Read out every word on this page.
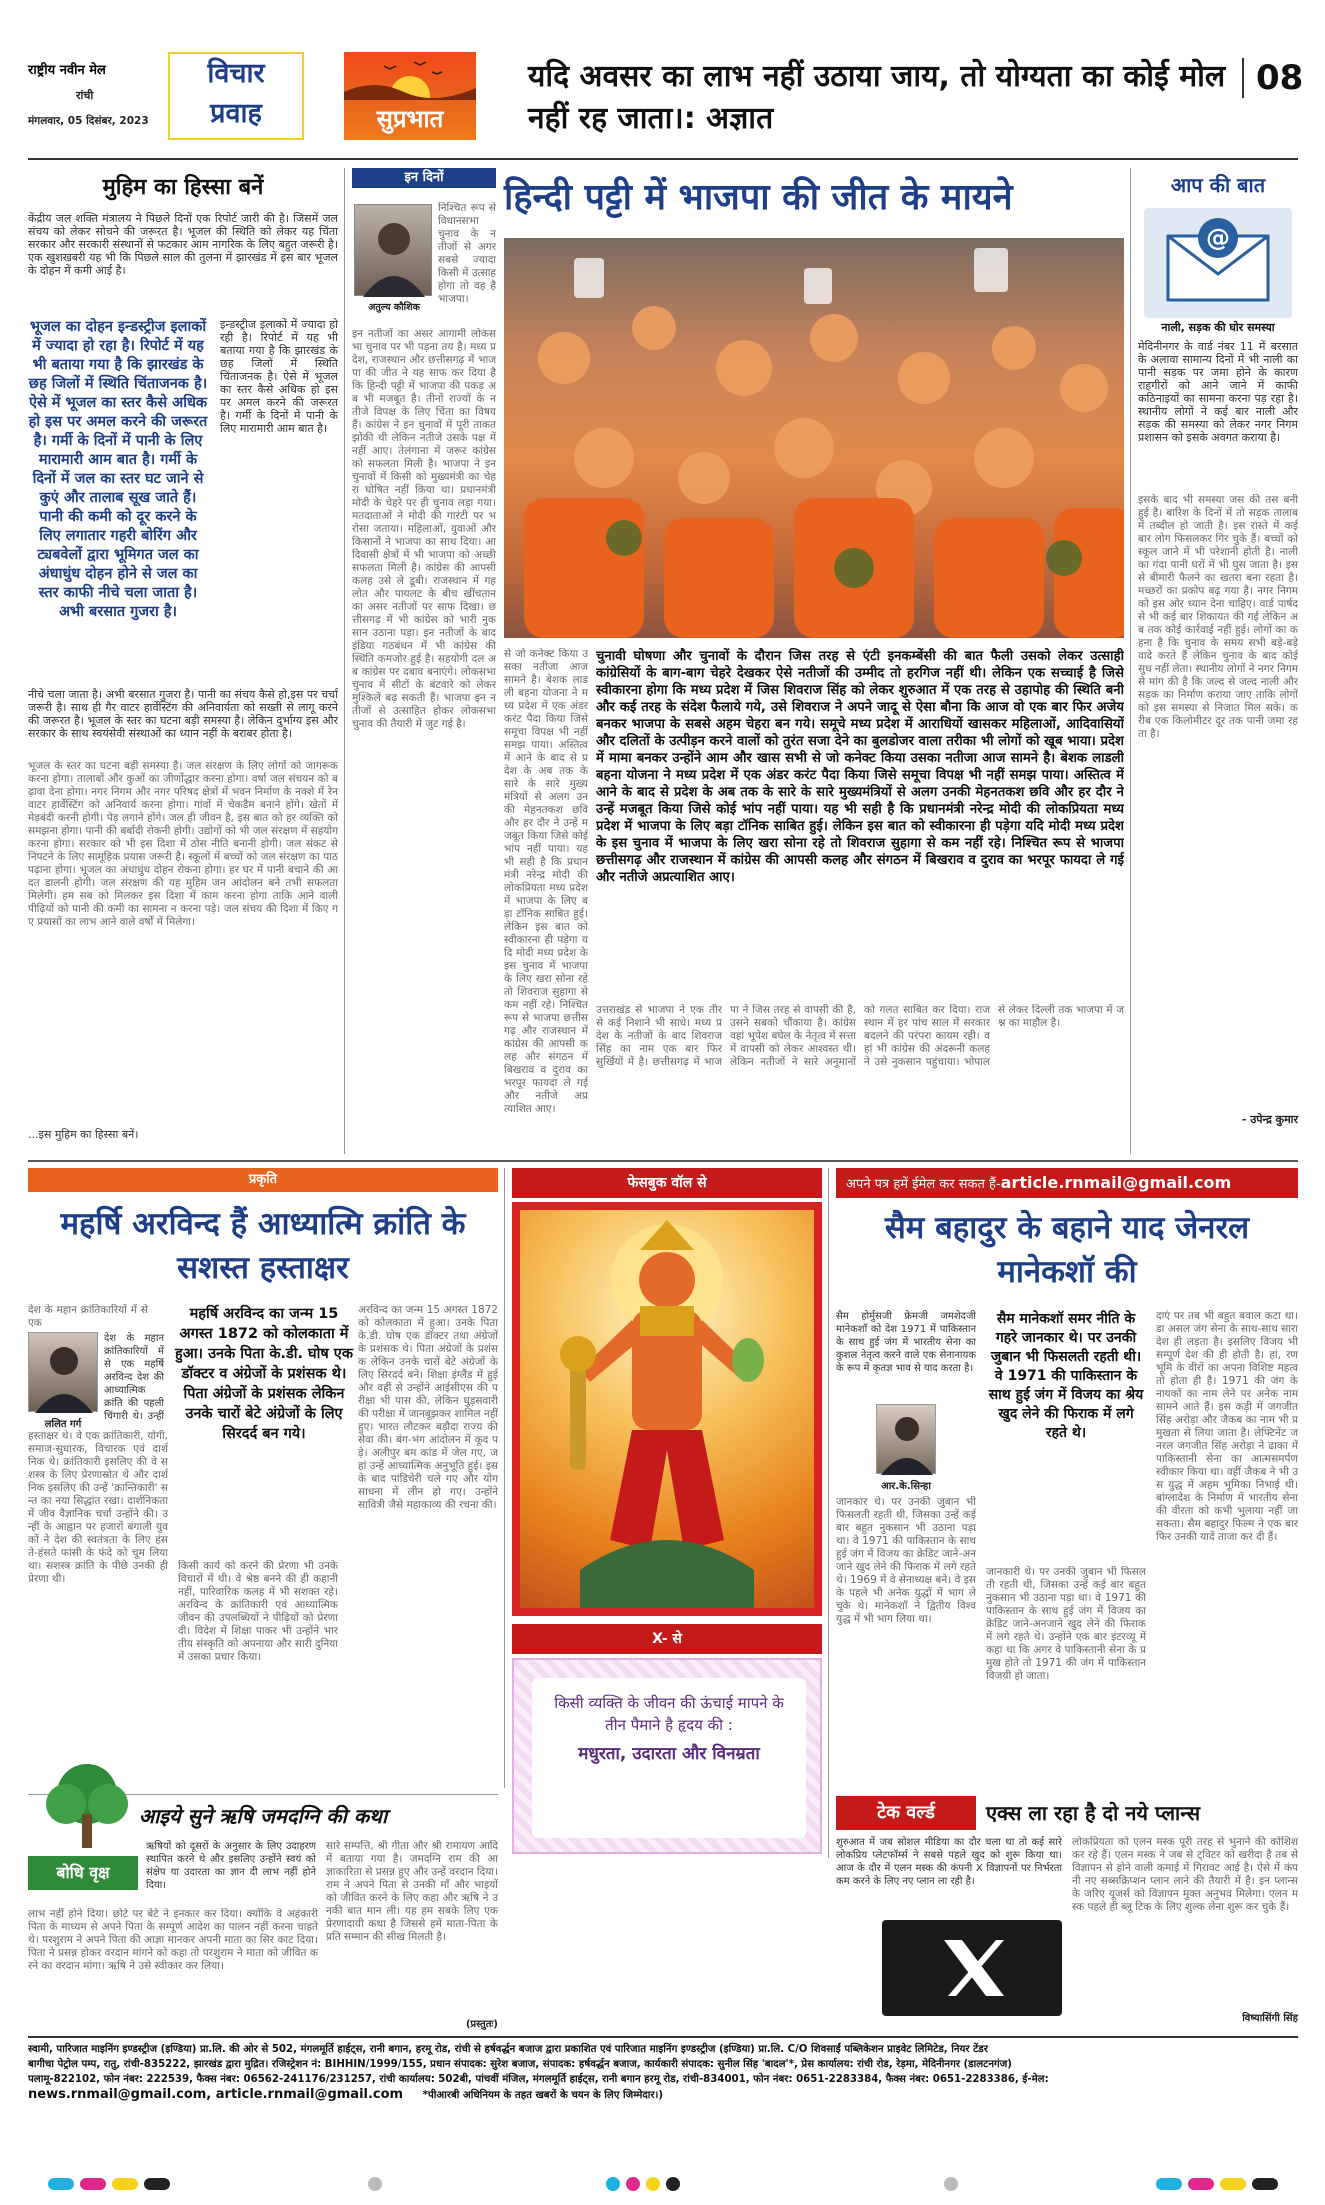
राष्ट्रीय नवीन मेल
रांची
मंगलवार, 05 दिसंबर, 2023
विचार
प्रवाह	सुप्रभात
यदि अवसर का लाभ नहीं उठाया जाय, तो योग्यता का कोई मोल नहीं रह जाता।: अज्ञात
08
मुहिम का हिस्सा बनें
केंद्रीय जल शक्ति मंत्रालय ने पिछले दिनों एक रिपोर्ट जारी की है। जिसमें जल संचय को लेकर सोचने की जरूरत है। भूजल की स्थिति को लेकर यह चिंता सरकार और सरकारी संस्थानों से फटकार आम नागरिक के लिए बहुत जरूरी है। एक खुशखबरी यह भी कि पिछले साल की तुलना में झारखंड में इस बार भूजल के दोहन में कमी आई है।
भूजल का दोहन इन्डस्ट्रीज इलाकों में ज्यादा हो रहा है। रिपोर्ट में यह भी बताया गया है कि झारखंड के छह जिलों में स्थिति चिंताजनक है। ऐसे में भूजल का स्तर कैसे अधिक हो इस पर अमल करने की जरूरत है। गर्मी के दिनों में पानी के लिए मारामारी आम बात है। गर्मी के दिनों में जल का स्तर घट जाने से कुएं और तालाब सूख जाते हैं। पानी की कमी को दूर करने के लिए लगातार गहरी बोरिंग और ट्यबवेलों द्वारा भूमिगत जल का अंधाधुंध दोहन होने से जल का स्तर काफी नीचे चला जाता है। अभी बरसात गुजरा है।
इन्डस्ट्रीज इलाकों में ज्यादा हो रही है। रिपोर्ट में यह भी बताया गया है कि झारखंड के छह जिलों में स्थिति चिंताजनक है। ऐसे में भूजल का स्तर कैसे अधिक हो इस पर अमल करने की जरूरत है। गर्मी के दिनों में पानी के लिए मारामारी आम बात है।
नीचे चला जाता है। अभी बरसात गुजरा है। पानी का संचय कैसे हो,इस पर चर्चा जरूरी है। साथ ही गैर वाटर हार्वेस्टिंग की अनिवार्यता को सख्ती से लागू करने की जरूरत है। भूजल के स्तर का घटना बड़ी समस्या है। लेकिन दुर्भाग्य इस और सरकार के साथ स्वयंसेवी संस्थाओं का ध्यान नहीं के बराबर होता है।
भूजल के स्तर का घटना बड़ी समस्या है। जल संरक्षण के लिए लोगों को जागरूक करना होगा। तालाबों और कुओं का जीर्णोद्धार करना होगा। वर्षा जल संचयन को बढ़ावा देना होगा। नगर निगम और नगर परिषद क्षेत्रों में भवन निर्माण के नक्शे में रेन वाटर हार्वेस्टिंग को अनिवार्य करना होगा। गांवों में चेकडैम बनाने होंगे। खेतों में मेड़बंदी करनी होगी। पेड़ लगाने होंगे। जल ही जीवन है, इस बात को हर व्यक्ति को समझना होगा। पानी की बर्बादी रोकनी होगी। उद्योगों को भी जल संरक्षण में सहयोग करना होगा। सरकार को भी इस दिशा में ठोस नीति बनानी होगी। जल संकट से निपटने के लिए सामूहिक प्रयास जरूरी है। स्कूलों में बच्चों को जल संरक्षण का पाठ पढ़ाना होगा। भूजल का अंधाधुंध दोहन रोकना होगा। हर घर में पानी बचाने की आदत डालनी होगी। जल संरक्षण की यह मुहिम जन आंदोलन बने तभी सफलता मिलेगी। हम सब को मिलकर इस दिशा में काम करना होगा ताकि आने वाली पीढ़ियों को पानी की कमी का सामना न करना पड़े। जल संचय की दिशा में किए गए प्रयासों का लाभ आने वाले वर्षों में मिलेगा।
...इस मुहिम का हिस्सा बनें।
इन दिनों
अतुल्य कौशिक
निश्चित रूप से विधानसभा चुनाव के नतीजों से अगर सबसे ज्यादा किसी में उत्साह होगा तो वह है भाजपा।
इन नतीजों का असर आगामी लोकसभा चुनाव पर भी पड़ना तय है। मध्य प्रदेश, राजस्थान और छत्तीसगढ़ में भाजपा की जीत ने यह साफ कर दिया है कि हिन्दी पट्टी में भाजपा की पकड़ अब भी मजबूत है। तीनों राज्यों के नतीजे विपक्ष के लिए चिंता का विषय हैं। कांग्रेस ने इन चुनावों में पूरी ताकत झोंकी थी लेकिन नतीजे उसके पक्ष में नहीं आए। तेलंगाना में जरूर कांग्रेस को सफलता मिली है। भाजपा ने इन चुनावों में किसी को मुख्यमंत्री का चेहरा घोषित नहीं किया था। प्रधानमंत्री मोदी के चेहरे पर ही चुनाव लड़ा गया। मतदाताओं ने मोदी की गारंटी पर भरोसा जताया। महिलाओं, युवाओं और किसानों ने भाजपा का साथ दिया। आदिवासी क्षेत्रों में भी भाजपा को अच्छी सफलता मिली है। कांग्रेस की आपसी कलह उसे ले डूबी। राजस्थान में गहलोत और पायलट के बीच खींचतान का असर नतीजों पर साफ दिखा। छत्तीसगढ़ में भी कांग्रेस को भारी नुकसान उठाना पड़ा। इन नतीजों के बाद इंडिया गठबंधन में भी कांग्रेस की स्थिति कमजोर हुई है। सहयोगी दल अब कांग्रेस पर दबाव बनाएंगे। लोकसभा चुनाव में सीटों के बंटवारे को लेकर मुश्किलें बढ़ सकती हैं। भाजपा इन नतीजों से उत्साहित होकर लोकसभा चुनाव की तैयारी में जुट गई है।
हिन्दी पट्टी में भाजपा की जीत के मायने
से जो कनेक्ट किया उसका नतीजा आज सामने है। बेशक लाडली बहना योजना ने मध्य प्रदेश में एक अंडर करंट पैदा किया जिसे समूचा विपक्ष भी नहीं समझ पाया। अस्तित्व में आने के बाद से प्रदेश के अब तक के सारे के सारे मुख्यमंत्रियों से अलग उनकी मेहनतकश छवि और हर दौर ने उन्हें मजबूत किया जिसे कोई भांप नहीं पाया। यह भी सही है कि प्रधानमंत्री नरेन्द्र मोदी की लोकप्रियता मध्य प्रदेश में भाजपा के लिए बड़ा टॉनिक साबित हुई। लेकिन इस बात को स्वीकारना ही पड़ेगा यदि मोदी मध्य प्रदेश के इस चुनाव में भाजपा के लिए खरा सोना रहे तो शिवराज सुहागा से कम नहीं रहे। निश्चित रूप से भाजपा छत्तीसगढ़ और राजस्थान में कांग्रेस की आपसी कलह और संगठन में बिखराव व दुराव का भरपूर फायदा ले गई और नतीजे अप्रत्याशित आए।
चुनावी घोषणा और चुनावों के दौरान जिस तरह से एंटी इनकम्बेंसी की बात फैली उसको लेकर उत्साही कांग्रेसियों के बाग-बाग चेहरे देखकर ऐसे नतीजों की उम्मीद तो हरगिज नहीं थी। लेकिन एक सच्चाई है जिसे स्वीकारना होगा कि मध्य प्रदेश में जिस शिवराज सिंह को लेकर शुरुआत में एक तरह से उहापोह की स्थिति बनी और कई तरह के संदेश फैलाये गये, उसे शिवराज ने अपने जादू से ऐसा बौना कि आज वो एक बार फिर अजेय बनकर भाजपा के सबसे अहम चेहरा बन गये। समूचे मध्य प्रदेश में आराधियों खासकर महिलाओं, आदिवासियों और दलितों के उत्पीड़न करने वालों को तुरंत सजा देने का बुलडोजर वाला तरीका भी लोगों को खूब भाया। प्रदेश में मामा बनकर उन्होंने आम और खास सभी से जो कनेक्ट किया उसका नतीजा आज सामने है। बेशक लाडली बहना योजना ने मध्य प्रदेश में एक अंडर करंट पैदा किया जिसे समूचा विपक्ष भी नहीं समझ पाया। अस्तित्व में आने के बाद से प्रदेश के अब तक के सारे के सारे मुख्यमंत्रियों से अलग उनकी मेहनतकश छवि और हर दौर ने उन्हें मजबूत किया जिसे कोई भांप नहीं पाया। यह भी सही है कि प्रधानमंत्री नरेन्द्र मोदी की लोकप्रियता मध्य प्रदेश में भाजपा के लिए बड़ा टॉनिक साबित हुई। लेकिन इस बात को स्वीकारना ही पड़ेगा यदि मोदी मध्य प्रदेश के इस चुनाव में भाजपा के लिए खरा सोना रहे तो शिवराज सुहागा से कम नहीं रहे। निश्चित रूप से भाजपा छत्तीसगढ़ और राजस्थान में कांग्रेस की आपसी कलह और संगठन में बिखराव व दुराव का भरपूर फायदा ले गई और नतीजे अप्रत्याशित आए।
उत्तराखंड से भाजपा ने एक तीर से कई निशाने भी साधे। मध्य प्रदेश के नतीजों के बाद शिवराज सिंह का नाम एक बार फिर सुर्खियों में है। छत्तीसगढ़ में भाजपा ने जिस तरह से वापसी की है, उसने सबको चौंकाया है। कांग्रेस वहां भूपेश बघेल के नेतृत्व में सत्ता में वापसी को लेकर आश्वस्त थी। लेकिन नतीजों ने सारे अनुमानों को गलत साबित कर दिया। राजस्थान में हर पांच साल में सरकार बदलने की परंपरा कायम रही। वहां भी कांग्रेस की अंदरूनी कलह ने उसे नुकसान पहुंचाया। भोपाल से लेकर दिल्ली तक भाजपा में जश्न का माहौल है।
आप की बात
@
नाली, सड़क की घोर समस्या
मेदिनीनगर के वार्ड नंबर 11 में बरसात के अलावा सामान्य दिनों में भी नाली का पानी सड़क पर जमा होने के कारण राहगीरों को आने जाने में काफी कठिनाइयों का सामना करना पड़ रहा है। स्थानीय लोगों ने कई बार नाली और सड़क की समस्या को लेकर नगर निगम प्रशासन को इसके अवगत कराया है।
इसके बाद भी समस्या जस की तस बनी हुई है। बारिश के दिनों में तो सड़क तालाब में तब्दील हो जाती है। इस रास्ते में कई बार लोग फिसलकर गिर चुके हैं। बच्चों को स्कूल जाने में भी परेशानी होती है। नाली का गंदा पानी घरों में भी घुस जाता है। इससे बीमारी फैलने का खतरा बना रहता है। मच्छरों का प्रकोप बढ़ गया है। नगर निगम को इस ओर ध्यान देना चाहिए। वार्ड पार्षद से भी कई बार शिकायत की गई लेकिन अब तक कोई कार्रवाई नहीं हुई। लोगों का कहना है कि चुनाव के समय सभी बड़े-बड़े वादे करते हैं लेकिन चुनाव के बाद कोई सुध नहीं लेता। स्थानीय लोगों ने नगर निगम से मांग की है कि जल्द से जल्द नाली और सड़क का निर्माण कराया जाए ताकि लोगों को इस समस्या से निजात मिल सके। करीब एक किलोमीटर दूर तक पानी जमा रहता है।
- उपेन्द्र कुमार
प्रकृति
महर्षि अरविन्द हैं आध्यात्मि क्रांति के सशस्त हस्ताक्षर
देश के महान क्रांतिकारियों में से एक
ललित गर्ग
देश के महान क्रांतिकारियों में से एक महर्षि अरविन्द देश की आध्यात्मिक क्रांति की पहली चिंगारी थे। उन्हीं
महर्षि अरविन्द का जन्म 15 अगस्त 1872 को कोलकाता में हुआ। उनके पिता के.डी. घोष एक डॉक्टर व अंग्रेजों के प्रशंसक थे। पिता अंग्रेजों के प्रशंसक लेकिन उनके चारों बेटे अंग्रेजों के लिए सिरदर्द बन गये।
हस्ताक्षर थे। वे एक क्रांतिकारी, योगी, समाज-सुधारक, विचारक एवं दार्शनिक थे। क्रांतिकारी इसलिए की वे सशस्त्र के लिए प्रेरणास्रोत थे और दार्शनिक इसलिए की उन्हें 'क्रान्तिकारी' सन्त का नया सिद्धांत रखा। दार्शनिकता में जीव वैज्ञानिक चर्चा उन्होंने की। उन्हीं के आह्वान पर हजारों बंगाली युवकों ने देश की स्वतंत्रता के लिए हंसते-हंसते फांसी के फंदे को चूम लिया था। सशस्त्र क्रांति के पीछे उनकी ही प्रेरणा थी।
किसी कार्य को करने की प्रेरणा भी उनके विचारों में थी। वे श्रेष्ठ बनने की ही कहानी नहीं, पारिवारिक कलह में भी सशक्त रहे। अरविन्द के क्रांतिकारी एवं आध्यात्मिक जीवन की उपलब्धियों ने पीढ़ियों को प्रेरणा दी। विदेश में शिक्षा पाकर भी उन्होंने भारतीय संस्कृति को अपनाया और सारी दुनिया में उसका प्रचार किया।
अरविन्द का जन्म 15 अगस्त 1872 को कोलकाता में हुआ। उनके पिता के.डी. घोष एक डॉक्टर तथा अंग्रेजों के प्रशंसक थे। पिता अंग्रेजों के प्रशंसक लेकिन उनके चारों बेटे अंग्रेजों के लिए सिरदर्द बने। शिक्षा इंग्लैंड में हुई और वहीं से उन्होंने आईसीएस की परीक्षा भी पास की, लेकिन घुड़सवारी की परीक्षा में जानबूझकर शामिल नहीं हुए। भारत लौटकर बड़ौदा राज्य की सेवा की। बंग-भंग आंदोलन में कूद पड़े। अलीपुर बम कांड में जेल गए, जहां उन्हें आध्यात्मिक अनुभूति हुई। इसके बाद पांडिचेरी चले गए और योग साधना में लीन हो गए। उन्होंने सावित्री जैसे महाकाव्य की रचना की।
फेसबुक वॉल से
X- से
किसी व्यक्ति के जीवन की ऊंचाई मापने के तीन पैमाने है हृदय की :
मधुरता, उदारता और विनम्रता
अपने पत्र हमें ईमेल कर सकत हैं-article.rnmail@gmail.com
सैम बहादुर के बहाने याद जेनरल मानेकशॉ की
सैम होर्मुसजी फ्रेमजी जमशेदजी मानेकशॉ को देश 1971 में पाकिस्तान के साथ हुई जंग में भारतीय सेना का कुशल नेतृत्व करने वाले एक सेनानायक के रूप में कृतज्ञ भाव से याद करता है।
आर.के.सिन्हा
सैम मानेकशॉ समर नीति के गहरे जानकार थे। पर उनकी जुबान भी फिसलती रहती थी। वे 1971 की पाकिस्तान के साथ हुई जंग में विजय का श्रेय खुद लेने की फिराक में लगे रहते थे।
जानकार थे। पर उनकी जुबान भी फिसलती रहती थी, जिसका उन्हें कई बार बहुत नुकसान भी उठाना पड़ा था। वे 1971 की पाकिस्तान के साथ हुई जंग में विजय का क्रेडिट जाने-अनजाने खुद लेने की फिराक में लगे रहते थे। 1969 में वे सेनाध्यक्ष बने। वे इसके पहले भी अनेक युद्धों में भाग ले चुके थे। मानेकशॉ ने द्वितीय विश्व युद्ध में भी भाग लिया था।
जानकारी थे। पर उनकी जुबान भी फिसलती रहती थी, जिसका उन्हें कई बार बहुत नुकसान भी उठाना पड़ा था। वे 1971 की पाकिस्तान के साथ हुई जंग में विजय का क्रेडिट जाने-अनजाने खुद लेने की फिराक में लगे रहते थे। उन्होंने एक बार इंटरव्यू में कहा था कि अगर वे पाकिस्तानी सेना के प्रमुख होते तो 1971 की जंग में पाकिस्तान विजयी हो जाता।
दाएं पर तब भी बहुत बवाल कटा था। डा असल जंग सेना के साथ-साथ सारा देश ही लड़ता है। इसलिए विजय भी सम्पूर्ण देश की ही होती है। हां, रणभूमि के वीरों का अपना विशिष्ट महत्व तो होता ही है। 1971 की जंग के नायकों का नाम लेने पर अनेक नाम सामने आते हैं। इस कड़ी में जगजीत सिंह अरोड़ा और जैकब का नाम भी प्रमुखता से लिया जाता है। लेफ्टिनेंट जनरल जगजीत सिंह अरोड़ा ने ढाका में पाकिस्तानी सेना का आत्मसमर्पण स्वीकार किया था। वहीं जैकब ने भी उस युद्ध में अहम भूमिका निभाई थी। बांग्लादेश के निर्माण में भारतीय सेना की वीरता को कभी भुलाया नहीं जा सकता। सैम बहादुर फिल्म ने एक बार फिर उनकी यादें ताजा कर दी हैं।
आइये सुने ऋषि जमदग्नि की कथा
बोधि वृक्ष
ऋषियों को दूसरों के अनुसार के लिए उदाहरण स्थापित करने थे और इसलिए उन्होंने स्वयं को संक्षेप या उदारता का ज्ञान दी लाभ नहीं होने दिया।
लाभ नहीं होने दिया। छोटे पर बेटे ने इनकार कर दिया। क्योंकि वे अहंकारी पिता के माध्यम से अपने पिता के सम्पूर्ण आदेश का पालन नहीं करना चाहते थे। परशुराम ने अपने पिता की आज्ञा मानकर अपनी माता का सिर काट दिया। पिता ने प्रसन्न होकर वरदान मांगने को कहा तो परशुराम ने माता को जीवित करने का वरदान मांगा। ऋषि ने उसे स्वीकार कर लिया।
सारे सम्पत्ति, श्री गीता और श्री रामायण आदि में बताया गया है। जमदग्नि राम की आज्ञाकारिता से प्रसन्न हुए और उन्हें वरदान दिया। राम ने अपने पिता से उनकी माँ और भाइयों को जीवित करने के लिए कहा और ऋषि ने उनकी बात मान ली। यह हम सबके लिए एक प्रेरणादायी कथा है जिससे हमें माता-पिता के प्रति सम्मान की सीख मिलती है।
(प्रस्तुतः)
टेक वर्ल्ड	एक्स ला रहा है दो नये प्लान्स
शुरुआत में जब सोशल मीडिया का दौर चला था तो कई सारे लोकप्रिय प्लेटफॉर्म्स ने सबसे पहले खुद को शुरू किया था। आज के दौर में एलन मस्क की कंपनी X विज्ञापनों पर निर्भरता कम करने के लिए नए प्लान ला रही है।
लोकप्रियता को एलन मस्क पूरी तरह से भुनाने की कोशिश कर रहे हैं। एलन मस्क ने जब से ट्विटर को खरीदा है तब से विज्ञापन से होने वाली कमाई में गिरावट आई है। ऐसे में कंपनी नए सब्सक्रिप्शन प्लान लाने की तैयारी में है। इन प्लान्स के जरिए यूजर्स को विज्ञापन मुक्त अनुभव मिलेगा। एलन मस्क पहले ही ब्लू टिक के लिए शुल्क लेना शुरू कर चुके हैं।
विष्यासिंगी सिंह
स्वामी, पारिजात माइनिंग इण्डस्ट्रीज (इण्डिया) प्रा.लि. की ओर से 502, मंगलमूर्ति हाईट्स, रानी बगान, हरमू रोड, रांची से हर्षवर्द्धन बजाज द्वारा प्रकाशित एवं पारिजात माइनिंग इण्डस्ट्रीज (इण्डिया) प्रा.लि. C/O शिवसाईं पब्लिकेशन प्राइवेट लिमिटेड, नियर टेंडर
बागीचा पेट्रोल पम्प, रातु, रांची-835222, झारखंड द्वारा मुद्रित। रजिस्ट्रेशन नं: BIHHIN/1999/155, प्रधान संपादक: सुरेश बजाज, संपादक: हर्षवर्द्धन बजाज, कार्यकारी संपादक: सुनील सिंह 'बादल'*, प्रेस कार्यालय: रांची रोड, रेड़मा, मेदिनीनगर (डालटनगंज)
पलामू-822102, फोन नंबर: 222539, फैक्स नंबर: 06562-241176/231257, रांची कार्यालय: 502बी, पांचवीं मंजिल, मंगलमूर्ति हाईट्स, रानी बगान हरमू रोड, रांची-834001, फोन नंबर: 0651-2283384, फैक्स नंबर: 0651-2283386, ई-मेल:
news.rnmail@gmail.com, article.rnmail@gmail.com *पीआरबी अधिनियम के तहत खबरों के चयन के लिए जिम्मेदार।)
